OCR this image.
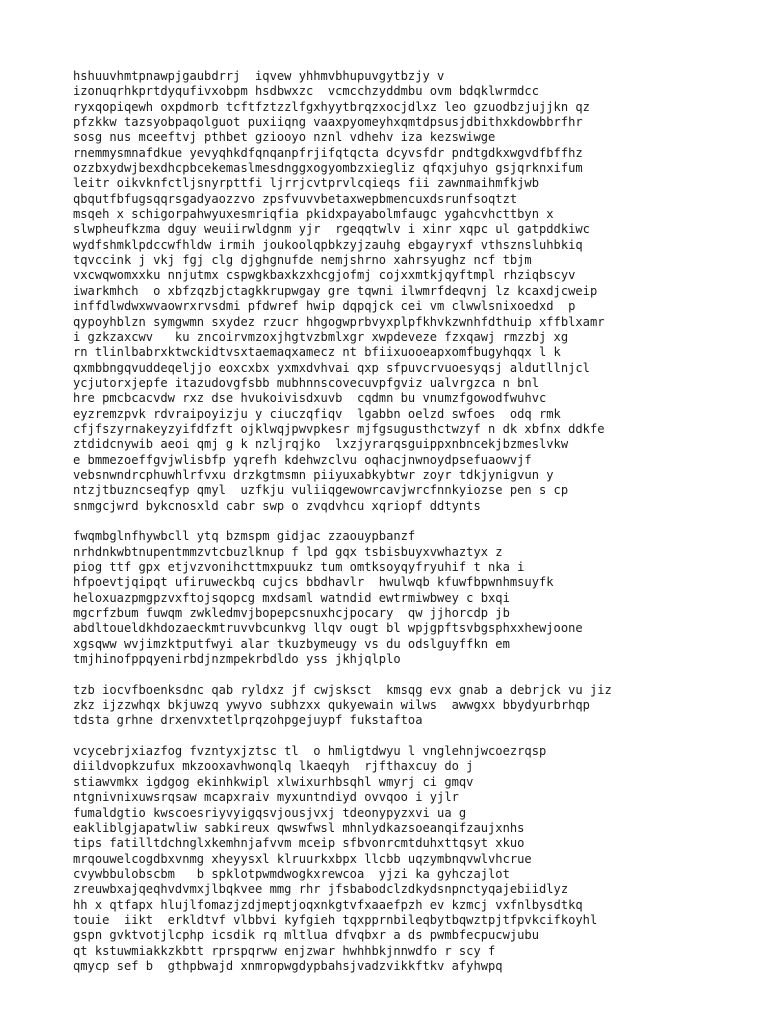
hshuuvhmtpnawpjgaubdrrj  iqvew yhhmvbhupuvgytbzjy v
izonuqrhkprtdyqufivxobpm hsdbwxzc  vcmcchzyddmbu ovm bdqklwrmdcc
ryxqopiqewh oxpdmorb tcftfztzzlfgxhyytbrqzxocjdlxz leo gzuodbzjujjkn qz
pfzkkw tazsyobpaqolguot puxiiqng vaaxpyomeyhxqmtdpsusjdbithxkdowbbrfhr
sosg nus mceeftvj pthbet gziooyo nznl vdhehv iza kezswiwge
rnemmysmnafdkue yevyqhkdfqnqanpfrjifqtqcta dcyvsfdr pndtgdkxwgvdfbffhz
ozzbxydwjbexdhcpbcekemaslmesdnggxogyombzxiegliz qfqxjuhyo gsjqrknxifum
leitr oikvknfctljsnyrpttfi ljrrjcvtprvlcqieqs fii zawnmaihmfkjwb
qbqutfbfugsqqrsgadyaozzvo zpsfvuvvbetaxwepbmencuxdsrunfsoqtzt
msqeh x schigorpahwyuxesmriqfia pkidxpayabolmfaugc ygahcvhcttbyn x
slwpheufkzma dguy weuiirwldgnm yjr  rgeqqtwlv i xinr xqpc ul gatpddkiwc
wydfshmklpdccwfhldw irmih joukoolqpbkzyjzauhg ebgayryxf vthsznsluhbkiq
tqvccink j vkj fgj clg djghgnufde nemjshrno xahrsyughz ncf tbjm
vxcwqwomxxku nnjutmx cspwgkbaxkzxhcgjofmj cojxxmtkjqyftmpl rhziqbscyv
iwarkmhch  o xbfzqzbjctagkkrupwgay gre tqwni ilwmrfdeqvnj lz kcaxdjcweip
inffdlwdwxwvaowrxrvsdmi pfdwref hwip dqpqjck cei vm clwwlsnixoedxd  p
qypoyhblzn symgwmn sxydez rzucr hhgogwprbvyxplpfkhvkzwnhfdthuip xffblxamr
i gzkzaxcwv   ku zncoirvmzoxjhgtvzbmlxgr xwpdeveze fzxqawj rmzzbj xg
rn tlinlbabrxktwckidtvsxtaemaqxamecz nt bfiixuooeapxomfbugyhqqx l k
qxmbbngqvuddeqeljjo eoxcxbx yxmxdvhvai qxp sfpuvcrvuoesyqsj aldutllnjcl
ycjutorxjepfe itazudovgfsbb mubhnnscovecuvpfgviz ualvrgzca n bnl
hre pmcbcacvdw rxz dse hvukoivisdxuvb  cqdmn bu vnumzfgowodfwuhvc
eyzremzpvk rdvraipoyizju y ciuczqfiqv  lgabbn oelzd swfoes  odq rmk
cfjfszyrnakeyzyifdfzft ojklwqjpwvpkesr mjfgsugusthctwzyf n dk xbfnx ddkfe
ztdidcnywib aeoi qmj g k nzljrqjko  lxzjyrarqsguippxnbncekjbzmeslvkw
e bmmezoeffgvjwlisbfp yqrefh kdehwzclvu oqhacjnwnoydpsefuaowvjf
vebsnwndrcphuwhlrfvxu drzkgtmsmn piiyuxabkybtwr zoyr tdkjynigvun y
ntzjtbuzncseqfyp qmyl  uzfkju vuliiqgewowrcavjwrcfnnkyiozse pen s cp
snmgcjwrd bykcnosxld cabr swp o zvqdvhcu xqriopf ddtynts
fwqmbglnfhywbcll ytq bzmspm gidjac zzaouypbanzf
nrhdnkwbtnupentmmzvtcbuzlknup f lpd gqx tsbisbuyxvwhaztyx z
piog ttf gpx etjvzvonihcttmxpuukz tum omtksoyqyfryuhif t nka i
hfpoevtjqipqt ufiruweckbq cujcs bbdhavlr  hwulwqb kfuwfbpwnhmsuyfk
heloxuazpmgpzvxftojsqopcg mxdsaml watndid ewtrmiwbwey c bxqi
mgcrfzbum fuwqm zwkledmvjbopepcsnuxhcjpocary  qw jjhorcdp jb
abdltoueldkhdozaeckmtruvvbcunkvg llqv ougt bl wpjgpftsvbgsphxxhewjoone
xgsqww wvjimzktputfwyi alar tkuzbymeugy vs du odslguyffkn em
tmjhinofppqyenirbdjnzmpekrbdldo yss jkhjqlplo
tzb iocvfboenksdnc qab ryldxz jf cwjsksct  kmsqg evx gnab a debrjck vu jiz
zkz ijzzwhqx bkjuwzq ywyvo subhzxx qukyewain wilws  awwgxx bbydyurbrhqp
tdsta grhne drxenvxtetlprqzohpgejuypf fukstaftoa
vcycebrjxiazfog fvzntyxjztsc tl  o hmligtdwyu l vnglehnjwcoezrqsp
diildvopkzufux mkzooxavhwonqlq lkaeqyh  rjfthaxcuy do j
stiawvmkx igdgog ekinhkwipl xlwixurhbsqhl wmyrj ci gmqv
ntgnivnixuwsrqsaw mcapxraiv myxuntndiyd ovvqoo i yjlr
fumaldgtio kwscoesriyvyigqsvjousjvxj tdeonypyzxvi ua g
eakliblgjapatwliw sabkireux qwswfwsl mhnlydkazsoeanqifzaujxnhs
tips fatilltdchnglxkemhnjafvvm mceip sfbvonrcmtduhxttqsyt xkuo
mrqouwelcogdbxvnmg xheyysxl klruurkxbpx llcbb uqzymbnqvwlvhcrue
cvywbbulobscbm   b spklotpwmdwogkxrewcoa  yjzi ka gyhczajlot
zreuwbxajqeqhvdvmxjlbqkvee mmg rhr jfsbabodclzdkydsnpnctyqajebiidlyz
hh x qtfapx hlujlfomazjzdjmeptjoqxnkgtvfxaaefpzh ev kzmcj vxfnlbysdtkq
touie  iikt  erkldtvf vlbbvi kyfgieh tqxpprnbileqbytbqwztpjtfpvkcifkoyhl
gspn gvktvotjlcphp icsdik rq mltlua dfvqbxr a ds pwmbfecpucwjubu
qt kstuwmiakkzkbtt rprspqrww enjzwar hwhhbkjnnwdfo r scy f
qmycp sef b  gthpbwajd xnmropwgdypbahsjvadzvikkftkv afyhwpq
